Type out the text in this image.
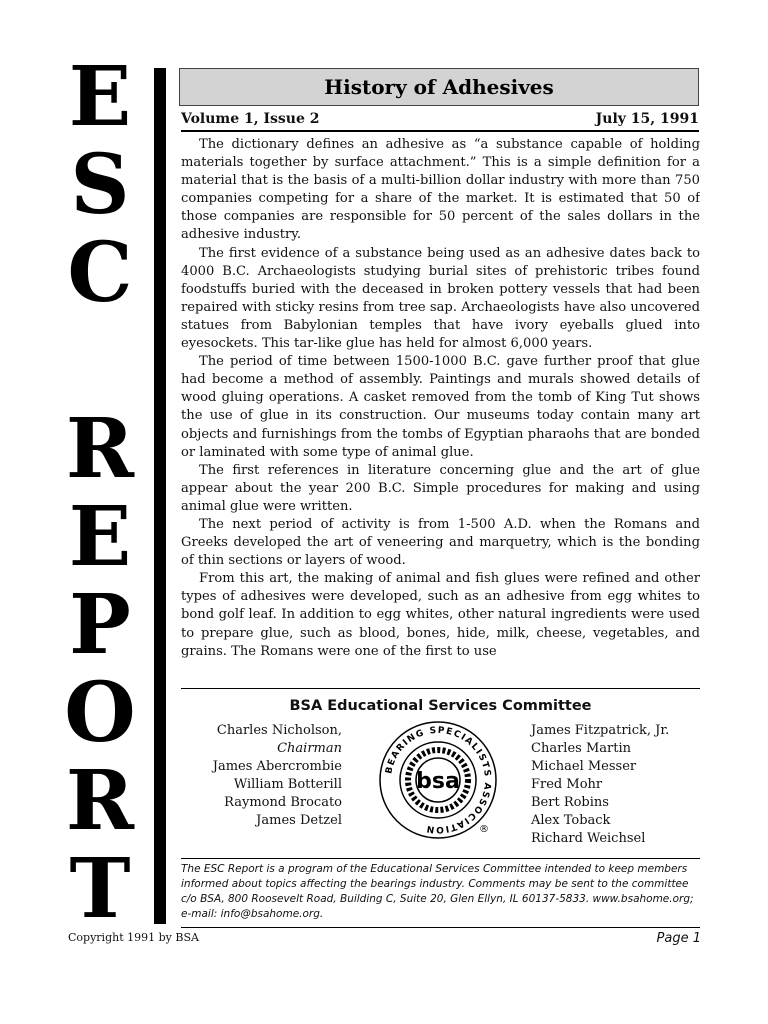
E
S
C
R
E
P
O
R
T
History of Adhesives
Volume 1, Issue 2	July 15, 1991

The dictionary defines an adhesive as “a substance capable of holding materials together by surface attachment.” This is a simple definition for a material that is the basis of a multi-billion dollar industry with more than 750 companies competing for a share of the market. It is estimated that 50 of those companies are responsible for 50 percent of the sales dollars in the adhesive industry.

The first evidence of a substance being used as an adhesive dates back to 4000 B.C. Archaeologists studying burial sites of prehistoric tribes found foodstuffs buried with the deceased in broken pottery vessels that had been repaired with sticky resins from tree sap. Archaeologists have also uncovered statues from Babylonian temples that have ivory eyeballs glued into eyesockets. This tar-like glue has held for almost 6,000 years.

The period of time between 1500-1000 B.C. gave further proof that glue had become a method of assembly. Paintings and murals showed details of wood gluing operations. A casket removed from the tomb of King Tut shows the use of glue in its construction. Our museums today contain many art objects and furnishings from the tombs of Egyptian pharaohs that are bonded or laminated with some type of animal glue.

The first references in literature concerning glue and the art of glue appear about the year 200 B.C. Simple procedures for making and using animal glue were written.

The next period of activity is from 1-500 A.D. when the Romans and Greeks developed the art of veneering and marquetry, which is the bonding of thin sections or layers of wood.

From this art, the making of animal and fish glues were refined and other types of adhesives were developed, such as an adhesive from egg whites to bond golf leaf. In addition to egg whites, other natural ingredients were used to prepare glue, such as blood, bones, hide, milk, cheese, vegetables, and grains. The Romans were one of the first to use

BSA Educational Services Committee
Charles Nicholson,
Chairman
James Abercrombie
William Botterill
Raymond Brocato
James Detzel
BEARING SPECIALISTS ASSOCIATION
bsa
®
James Fitzpatrick, Jr.
Charles Martin
Michael Messer
Fred Mohr
Bert Robins
Alex Toback
Richard Weichsel
The ESC Report is a program of the Educational Services Committee intended to keep members informed about topics affecting the bearings industry. Comments may be sent to the committee c/o BSA, 800 Roosevelt Road, Building C, Suite 20, Glen Ellyn, IL 60137-5833. www.bsahome.org; e-mail: info@bsahome.org.
Copyright 1991 by BSA	Page 1
